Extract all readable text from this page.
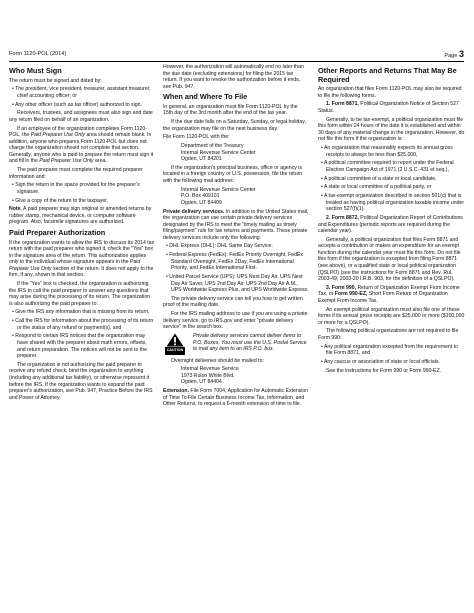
Form 1120-POL (2014)	Page 3
Who Must Sign

The return must be signed and dated by:

• The president, vice president, treasurer, assistant treasurer, chief accounting officer; or

• Any other officer (such as tax officer) authorized to sign.

Receivers, trustees, and assignees must also sign and date any return filed on behalf of an organization.

If an employee of the organization completes Form 1120-POL, the Paid Preparer Use Only area should remain blank. In addition, anyone who prepares Form 1120-POL but does not charge the organization should not complete that section. Generally, anyone who is paid to prepare the return must sign it and fill in the Paid Preparer Use Only area.

The paid preparer must complete the required preparer information and:

• Sign the return in the space provided for the preparer's signature.

• Give a copy of the return to the taxpayer.

Note. A paid preparer may sign original or amended returns by rubber stamp, mechanical device, or computer software program. Also, facsimile signatures are authorized.

Paid Preparer Authorization

If the organization wants to allow the IRS to discuss its 2014 tax return with the paid preparer who signed it, check the "Yes" box in the signature area of the return. This authorization applies only to the individual whose signature appears in the Paid Preparer Use Only section of the return. It does not apply to the firm, if any, shown in that section.

If the "Yes" box is checked, the organization is authorizing the IRS to call the paid preparer to answer any questions that may arise during the processing of its return. The organization is also authorizing the paid preparer to:

• Give the IRS any information that is missing from its return,

• Call the IRS for information about the processing of its return or the status of any refund or payment(s), and

• Respond to certain IRS notices that the organization may have shared with the preparer about math errors, offsets, and return preparation. The notices will not be sent to the preparer.

The organization is not authorizing the paid preparer to receive any refund check, bind the organization to anything (including any additional tax liability), or otherwise represent it before the IRS. If the organization wants to expand the paid preparer's authorization, see Pub. 947, Practice Before the IRS and Power of Attorney.

However, the authorization will automatically end no later than the due date (excluding extensions) for filing the 2015 tax return. If you want to revoke the authorization before it ends, see Pub. 947.

When and Where To File

In general, an organization must file Form 1120-POL by the 15th day of the 3rd month after the end of the tax year.

If the due date falls on a Saturday, Sunday, or legal holiday, the organization may file on the next business day.

File Form 1120-POL with the:

Department of the Treasury

Internal Revenue Service Center

Ogden, UT 84201

If the organization's principal business, office or agency is located in a foreign country or U.S. possession, file the return with the following mail address:

Internal Revenue Service Center

P.O. Box 409101

Ogden, UT 84409

Private delivery services. In addition to the United States mail, the organization can use certain private delivery services designated by the IRS to meet the "timely mailing as timely filing/payment" rule for tax returns and payments. These private delivery services include only the following:

• DHL Express (DHL): DHL Same Day Service.

• Federal Express (FedEx): FedEx Priority Overnight, FedEx Standard Overnight, FedEx 2Day, FedEx International Priority, and FedEx International First.

• United Parcel Service (UPS): UPS Next Day Air, UPS Next Day Air Saver, UPS 2nd Day Air, UPS 2nd Day Air A.M., UPS Worldwide Express Plus, and UPS Worldwide Express.

The private delivery service can tell you how to get written proof of the mailing date.

For the IRS mailing address to use if you are using a private delivery service, go to IRS.gov and enter "private delivery service" in the search box.

CAUTION
Private delivery services cannot deliver items to P.O. Boxes. You must use the U.S. Postal Service to mail any item to an IRS P.O. box.

Overnight deliveries should be mailed to:

Internal Revenue Service

1973 Rulon White Blvd.

Ogden, UT 84404

Extension. File Form 7004, Application for Automatic Extension of Time To File Certain Business Income Tax, Information, and Other Returns, to request a 6-month extension of time to file.

Other Reports and Returns That May Be Required

An organization that files Form 1120-POL may also be required to file the following forms.

1. Form 8871, Political Organization Notice of Section 527 Status.

Generally, to be tax-exempt, a political organization must file this form within 24 hours of the date it is established and within 30 days of any material change in the organization. However, do not file this form if the organization is:

• An organization that reasonably expects its annual gross receipts to always be less than $25,000,

• A political committee required to report under the Federal Election Campaign Act of 1971 (2 U.S.C. 431 et seq.),

• A political committee of a state or local candidate,

• A state or local committee of a political party, or

• A tax-exempt organization described in section 501(c) that is treated as having political organization taxable income under section 527(f)(1).

2. Form 8872, Political Organization Report of Contributions and Expenditures (periodic reports are required during the calendar year).

Generally, a political organization that files Form 8871 and accepts a contribution or makes an expenditure for an exempt function during the calendar year must file this form. Do not file this form if the organization is excepted from filing Form 8871 (see above), or a qualified state or local political organization (QSLPO) (see the instructions for Form 8871 and Rev. Rul. 2003-49, 2003-20 I.R.B. 903, for the definition of a QSLPO).

3. Form 990, Return of Organization Exempt From Income Tax, or Form 990-EZ, Short Form Return of Organization Exempt From Income Tax.

An exempt political organization must also file one of these forms if its annual gross receipts are $25,000 or more ($100,000 or more for a QSLPO).

The following political organizations are not required to file Form 990:

• Any political organization excepted from the requirement to file Form 8871, and

• Any caucus or association of state or local officials.

See the instructions for Form 990 or Form 990-EZ.
